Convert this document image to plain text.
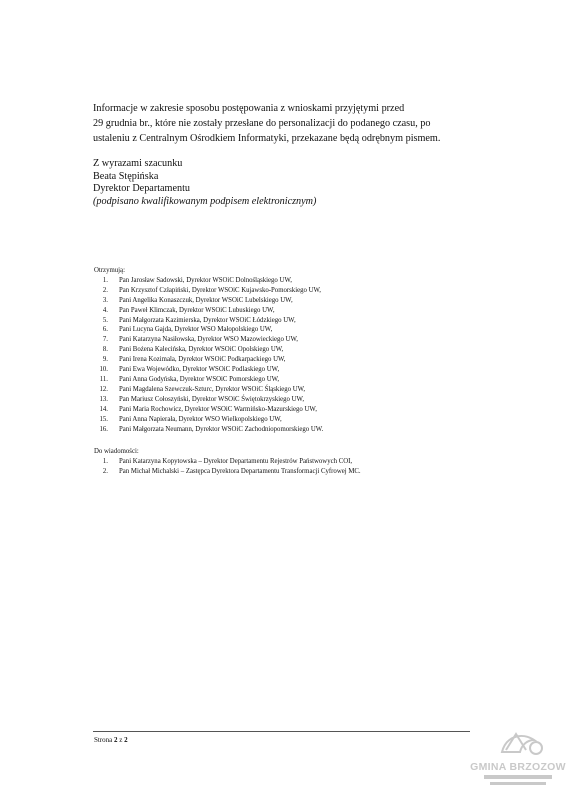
Informacje w zakresie sposobu postępowania z wnioskami przyjętymi przed
29 grudnia br., które nie zostały przesłane do personalizacji do podanego czasu, po
ustaleniu z Centralnym Ośrodkiem Informatyki, przekazane będą odrębnym pismem.
Z wyrazami szacunku
Beata Stępińska
Dyrektor Departamentu
(podpisano kwalifikowanym podpisem elektronicznym)
Otrzymują:
1. Pan Jarosław Sadowski, Dyrektor WSOiC Dolnośląskiego UW,
2. Pan Krzysztof Człapiński, Dyrektor WSOiC Kujawsko-Pomorskiego UW,
3. Pani Angelika Konaszczuk, Dyrektor WSOiC Lubelskiego UW,
4. Pan Paweł Klimczak, Dyrektor WSOiC Lubuskiego UW,
5. Pani Małgorzata Kazimierska, Dyrektor WSOiC Łódzkiego UW,
6. Pani Lucyna Gajda, Dyrektor WSO Małopolskiego UW,
7. Pani Katarzyna Nasiłowska, Dyrektor WSO Mazowieckiego UW,
8. Pani Bożena Kalecińska, Dyrektor WSOiC Opolskiego UW,
9. Pani Irena Kozimala, Dyrektor WSOiC Podkarpackiego UW,
10. Pani Ewa Wojewódko, Dyrektor WSOiC Podlaskiego UW,
11. Pani Anna Godyńska, Dyrektor WSOiC Pomorskiego UW,
12. Pani Magdalena Szewczuk-Szturc, Dyrektor WSOiC Śląskiego UW,
13. Pan Mariusz Cołoszyński, Dyrektor WSOiC Świętokrzyskiego UW,
14. Pani Maria Rochowicz, Dyrektor WSOiC Warmińsko-Mazurskiego UW,
15. Pani Anna Napierała, Dyrektor WSO Wielkopolskiego UW,
16. Pani Małgorzata Neumann, Dyrektor WSOiC Zachodniopomorskiego UW.
Do wiadomości:
1. Pani Katarzyna Kopytowska – Dyrektor Departamentu Rejestrów Państwowych COI,
2. Pan Michał Michalski – Zastępca Dyrektora Departamentu Transformacji Cyfrowej MC.
Strona 2 z 2
GMINA BRZOZOW
